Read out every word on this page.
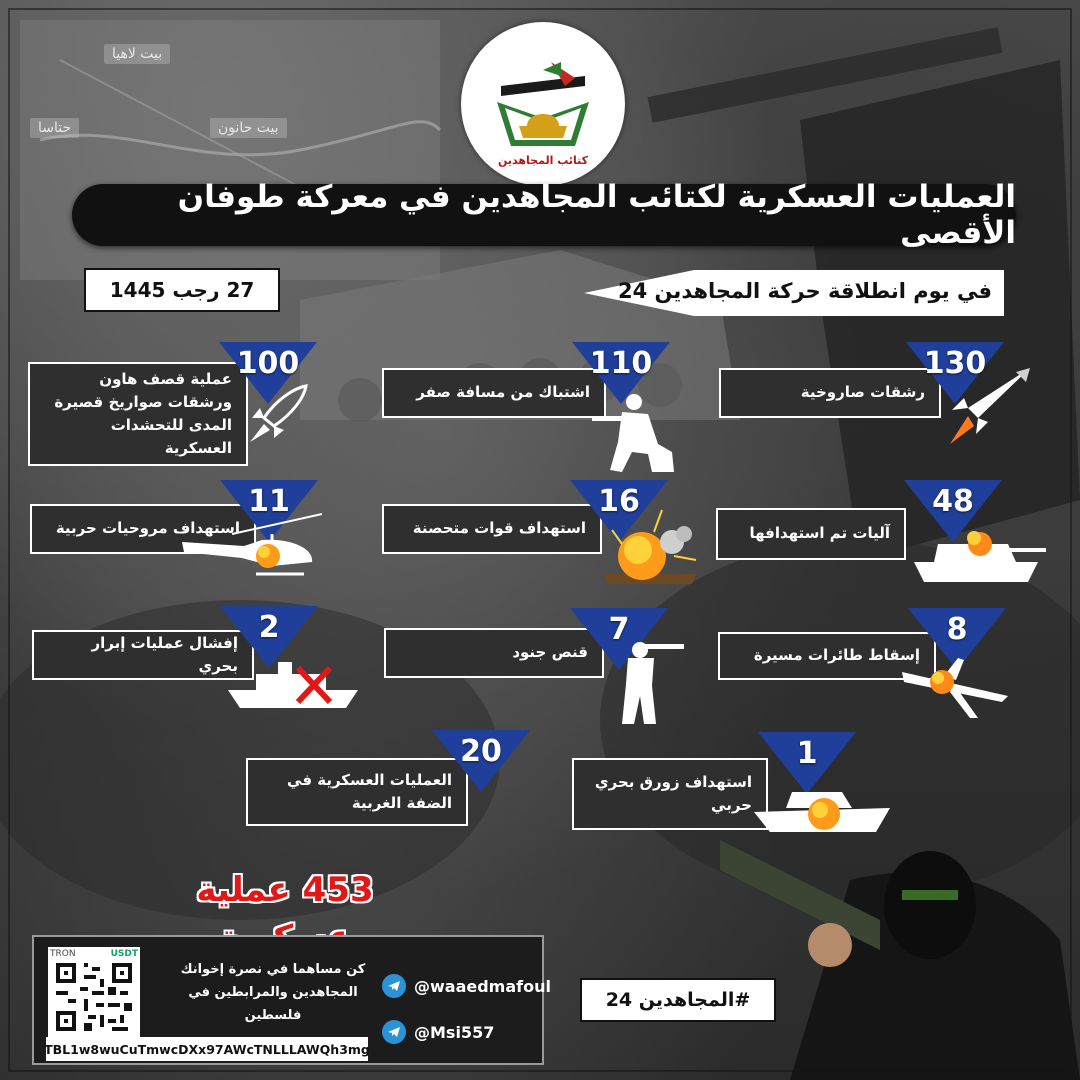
بيت لاهيا
بيت حانون
حتاسا
كتائب المجاهدين
العمليات العسكرية لكتائب المجاهدين في معركة طوفان الأقصى
27 رجب 1445	في يوم انطلاقة حركة المجاهدين 24
رشقات صاروخية
130
اشتباك من مسافة صفر
110
عملية قصف هاون ورشقات صواريخ قصيرة المدى للتحشدات العسكرية
100
آليات تم استهدافها
48
استهداف قوات متحصنة
16
استهداف مروحيات حربية
11
إسقاط طائرات مسيرة
8
قنص جنود
7
إفشال عمليات إبرار بحري
2
استهداف زورق بحري حربي
1
العمليات العسكرية في الضفة الغربية
20
453 عملية
TRON	USDT
كن مساهما في نصرة إخوانك المجاهدين والمرابطين في فلسطين
TBL1w8wuCuTmwcDXx97AWcTNLLLAWQh3mg
@waaedmafoul
@Msi557
#المجاهدين 24
